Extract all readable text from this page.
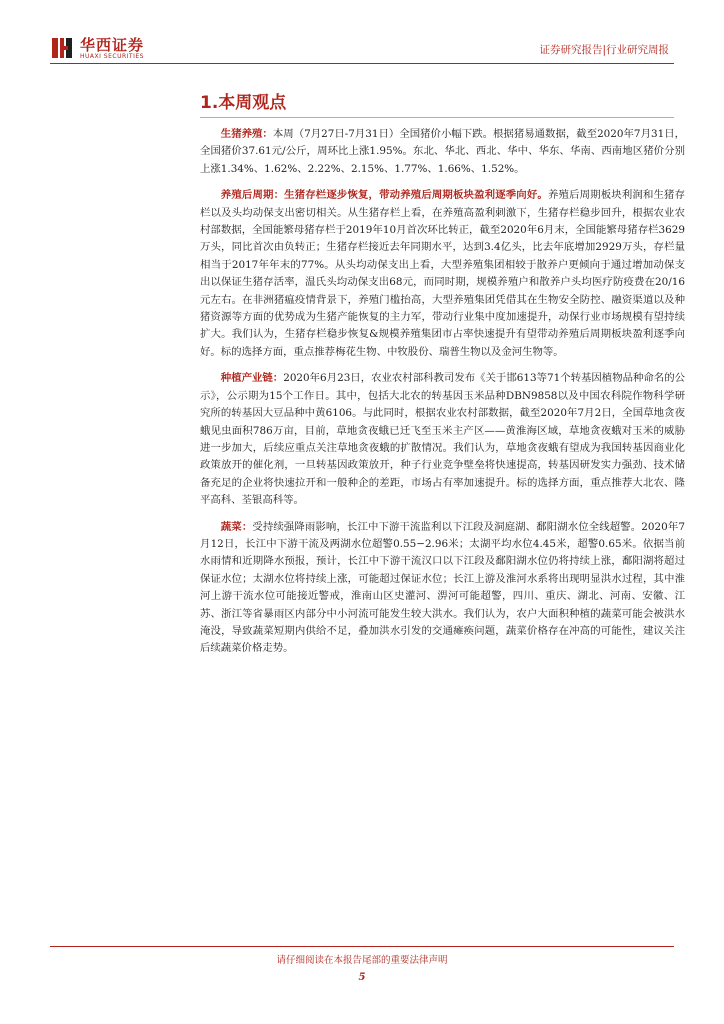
华西证券
HUAXI SECURITIES
证券研究报告|行业研究周报
1.本周观点

生猪养殖：本周（7月27日-7月31日）全国猪价小幅下跌。根据猪易通数据，截至2020年7月31日，全国猪价37.61元/公斤，周环比上涨1.95%。东北、华北、西北、华中、华东、华南、西南地区猪价分别上涨1.34%、1.62%、2.22%、2.15%、1.77%、1.66%、1.52%。

养殖后周期：生猪存栏逐步恢复，带动养殖后周期板块盈利逐季向好。养殖后周期板块利润和生猪存栏以及头均动保支出密切相关。从生猪存栏上看，在养殖高盈利刺激下，生猪存栏稳步回升，根据农业农村部数据，全国能繁母猪存栏于2019年10月首次环比转正，截至2020年6月末，全国能繁母猪存栏3629万头，同比首次由负转正；生猪存栏接近去年同期水平，达到3.4亿头，比去年底增加2929万头，存栏量相当于2017年年末的77%。从头均动保支出上看，大型养殖集团相较于散养户更倾向于通过增加动保支出以保证生猪存活率，温氏头均动保支出68元，而同时期，规模养殖户和散养户头均医疗防疫费在20/16元左右。在非洲猪瘟疫情背景下，养殖门槛抬高，大型养殖集团凭借其在生物安全防控、融资渠道以及种猪资源等方面的优势成为生猪产能恢复的主力军，带动行业集中度加速提升，动保行业市场规模有望持续扩大。我们认为，生猪存栏稳步恢复&规模养殖集团市占率快速提升有望带动养殖后周期板块盈利逐季向好。标的选择方面，重点推荐梅花生物、中牧股份、瑞普生物以及金河生物等。

种植产业链：2020年6月23日，农业农村部科教司发布《关于邯613等71个转基因植物品种命名的公示》，公示期为15个工作日。其中，包括大北农的转基因玉米品种DBN9858以及中国农科院作物科学研究所的转基因大豆品种中黄6106。与此同时，根据农业农村部数据，截至2020年7月2日，全国草地贪夜蛾见虫面积786万亩，目前，草地贪夜蛾已迁飞至玉米主产区——黄淮海区域，草地贪夜蛾对玉米的威胁进一步加大，后续应重点关注草地贪夜蛾的扩散情况。我们认为，草地贪夜蛾有望成为我国转基因商业化政策放开的催化剂，一旦转基因政策放开，种子行业竞争壁垒将快速提高，转基因研发实力强劲、技术储备充足的企业将快速拉开和一般种企的差距，市场占有率加速提升。标的选择方面，重点推荐大北农、隆平高科、荃银高科等。

蔬菜：受持续强降雨影响，长江中下游干流监利以下江段及洞庭湖、鄱阳湖水位全线超警。2020年7月12日，长江中下游干流及两湖水位超警0.55−2.96米；太湖平均水位4.45米，超警0.65米。依据当前水雨情和近期降水预报，预计，长江中下游干流汉口以下江段及鄱阳湖水位仍将持续上涨，鄱阳湖将超过保证水位；太湖水位将持续上涨，可能超过保证水位；长江上游及淮河水系将出现明显洪水过程，其中淮河上游干流水位可能接近警戒，淮南山区史灌河、淠河可能超警，四川、重庆、湖北、河南、安徽、江苏、浙江等省暴雨区内部分中小河流可能发生较大洪水。我们认为，农户大面积种植的蔬菜可能会被洪水淹没，导致蔬菜短期内供给不足，叠加洪水引发的交通瘫痪问题，蔬菜价格存在冲高的可能性，建议关注后续蔬菜价格走势。

请仔细阅读在本报告尾部的重要法律声明
5
